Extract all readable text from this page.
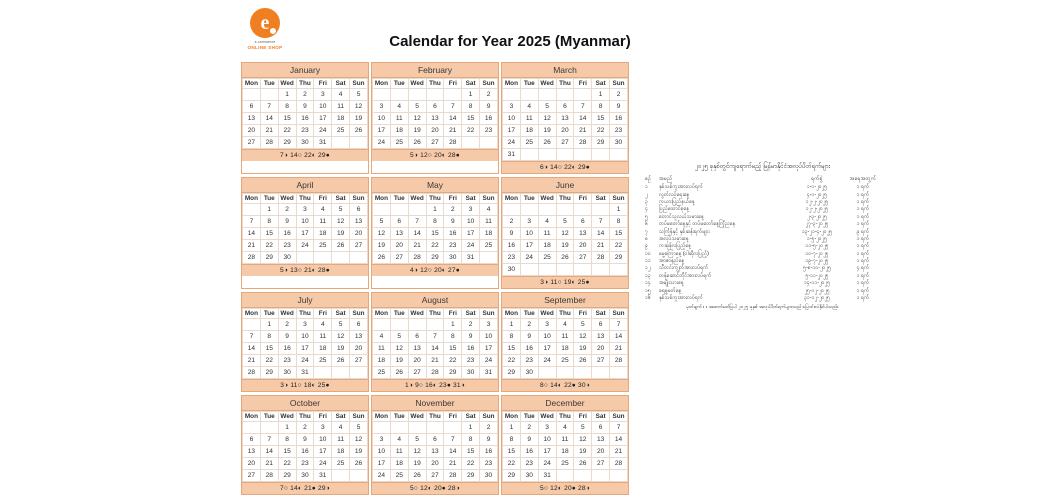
e
e-commerce
ONLINE SHOP	Calendar for Year 2025 (Myanmar)
January
Mon	Tue	Wed	Thu	Fri	Sat	Sun
		1	2	3	4	5
6	7	8	9	10	11	12
13	14	15	16	17	18	19
20	21	22	23	24	25	26
27	28	29	30	31		
7◑ 14○ 22◐ 29●
February
Mon	Tue	Wed	Thu	Fri	Sat	Sun
					1	2
3	4	5	6	7	8	9
10	11	12	13	14	15	16
17	18	19	20	21	22	23
24	25	26	27	28		
5◑ 12○ 20◐ 28●
March
Mon	Tue	Wed	Thu	Fri	Sat	Sun
					1	2
3	4	5	6	7	8	9
10	11	12	13	14	15	16
17	18	19	20	21	22	23
24	25	26	27	28	29	30
31						
6◑ 14○ 22◐ 29●
April
Mon	Tue	Wed	Thu	Fri	Sat	Sun
	1	2	3	4	5	6
7	8	9	10	11	12	13
14	15	16	17	18	19	20
21	22	23	24	25	26	27
28	29	30				
5◑ 13○ 21◐ 28●
May
Mon	Tue	Wed	Thu	Fri	Sat	Sun
			1	2	3	4
5	6	7	8	9	10	11
12	13	14	15	16	17	18
19	20	21	22	23	24	25
26	27	28	29	30	31	
4◑ 12○ 20◐ 27●
June
Mon	Tue	Wed	Thu	Fri	Sat	Sun
						1
2	3	4	5	6	7	8
9	10	11	12	13	14	15
16	17	18	19	20	21	22
23	24	25	26	27	28	29
30						
3◑ 11○ 19◐ 25●
July
Mon	Tue	Wed	Thu	Fri	Sat	Sun
	1	2	3	4	5	6
7	8	9	10	11	12	13
14	15	16	17	18	19	20
21	22	23	24	25	26	27
28	29	30	31			
3◑ 11○ 18◐ 25●
August
Mon	Tue	Wed	Thu	Fri	Sat	Sun
				1	2	3
4	5	6	7	8	9	10
11	12	13	14	15	16	17
18	19	20	21	22	23	24
25	26	27	28	29	30	31
1◑ 9○ 16◐ 23● 31◑
September
Mon	Tue	Wed	Thu	Fri	Sat	Sun
1	2	3	4	5	6	7
8	9	10	11	12	13	14
15	16	17	18	19	20	21
22	23	24	25	26	27	28
29	30					
8○ 14◐ 22● 30◑
October
Mon	Tue	Wed	Thu	Fri	Sat	Sun
		1	2	3	4	5
6	7	8	9	10	11	12
13	14	15	16	17	18	19
20	21	22	23	24	25	26
27	28	29	30	31		
7○ 14◐ 21● 29◑
November
Mon	Tue	Wed	Thu	Fri	Sat	Sun
					1	2
3	4	5	6	7	8	9
10	11	12	13	14	15	16
17	18	19	20	21	22	23
24	25	26	27	28	29	30
5○ 12◐ 20● 28◑
December
Mon	Tue	Wed	Thu	Fri	Sat	Sun
1	2	3	4	5	6	7
8	9	10	11	12	13	14
15	16	17	18	19	20	21
22	23	24	25	26	27	28
29	30	31				
5○ 12◐ 20● 28◑
၂၀၂၅ ခုနှစ်တွင်ကျရောက်မည့် မြန်မာနိုင်ငံအလုပ်ပိတ်ရက်များ
စဉ်	အမည်	ရက်စွဲ	အရေအတွက်
၁	နှစ်သစ်ကူးအားလပ်ရက်	၁-၁-၂၀၂၅	၁ ရက်
၂	လွတ်လပ်ရေးနေ့	၄-၁-၂၀၂၅	၁ ရက်
၃	ကယားပြည်နယ်နေ့	၁၂-၂-၂၀၂၅	၁ ရက်
၄	ပြည်ထောင်စုနေ့	၁၂-၂-၂၀၂၅	၁ ရက်
၅	တောင်သူလယ်သမားနေ့	၂-၃-၂၀၂၅	၁ ရက်
၆	တပ်မတော်နေ့နှင့် တပ်မတော်နေ့ကြိုညနေ	၂၇-၃-၂၀၂၅	၁ ရက်
၇	သင်္ကြန်နှင့် နှစ်ဆန်းရက်များ	၁၃-၂၁-၄-၂၀၂၅	၉ ရက်
၈	အလုပ်သမားနေ့	၁-၅-၂၀၂၅	၁ ရက်
၉	ကဆုန်လပြည့်နေ့	၁၁-၅-၂၀၂၅	၁ ရက်
၁၀	ဓမ္မစကြာနေ့ (ဝါဆိုလပြည့်)	၁၀-၇-၂၀၂၅	၁ ရက်
၁၁	အာဇာနည်နေ့	၁၉-၇-၂၀၂၅	၁ ရက်
၁၂	သီတင်းကျွတ်အားလပ်ရက်	၅-၈-၁၀-၂၀၂၅	၄ ရက်
၁၃	တန်ဆောင်တိုင်အားလပ်ရက်	၅-၁၁-၂၀၂၅	၁ ရက်
၁၄	အမျိုးသားနေ့	၁၄-၁၁-၂၀၂၅	၁ ရက်
၁၅	ခရစ္စမတ်နေ့	၂၅-၁၂-၂၀၂၅	၁ ရက်
၁၆	နှစ်သစ်ကူးအားလပ်ရက်	၃၁-၁၂-၂၀၂၅	၁ ရက်
မှတ်ချက် ။ ။ အထက်ဖော်ပြပါ ၂၀၂၅ ခုနှစ် အလုပ်ပိတ်ရက်များသည် ပြောင်းလဲနိုင်ပါသည်။
